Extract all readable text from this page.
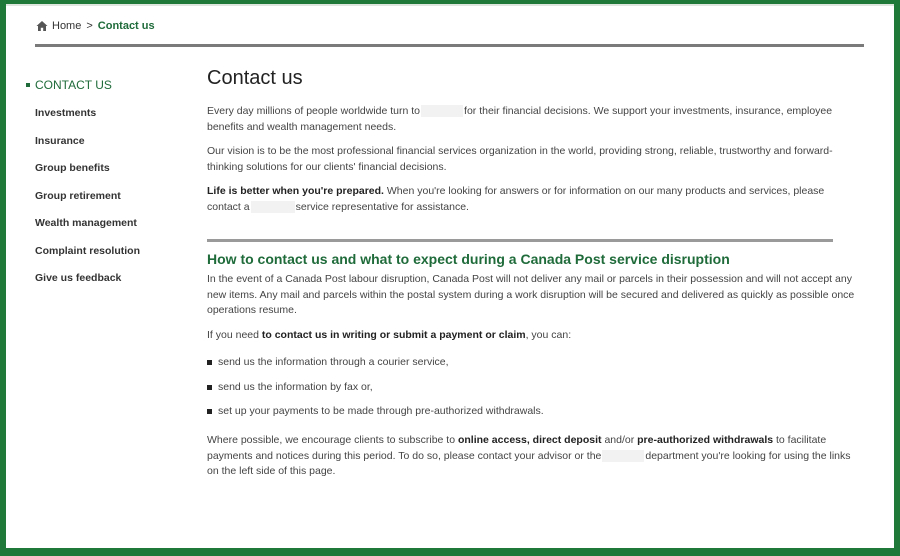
Home > Contact us
CONTACT US
Investments
Insurance
Group benefits
Group retirement
Wealth management
Complaint resolution
Give us feedback
Contact us

Every day millions of people worldwide turn to	for their financial decisions. We support your investments, insurance, employee benefits and wealth management needs.

Our vision is to be the most professional financial services organization in the world, providing strong, reliable, trustworthy and forward-thinking solutions for our clients' financial decisions.

Life is better when you're prepared. When you're looking for answers or for information on our many products and services, please contact a	service representative for assistance.

How to contact us and what to expect during a Canada Post service disruption

In the event of a Canada Post labour disruption, Canada Post will not deliver any mail or parcels in their possession and will not accept any new items. Any mail and parcels within the postal system during a work disruption will be secured and delivered as quickly as possible once operations resume.

If you need to contact us in writing or submit a payment or claim, you can:

send us the information through a courier service,
send us the information by fax or,
set up your payments to be made through pre-authorized withdrawals.

Where possible, we encourage clients to subscribe to online access, direct deposit and/or pre-authorized withdrawals to facilitate payments and notices during this period. To do so, please contact your advisor or the	department you're looking for using the links on the left side of this page.
